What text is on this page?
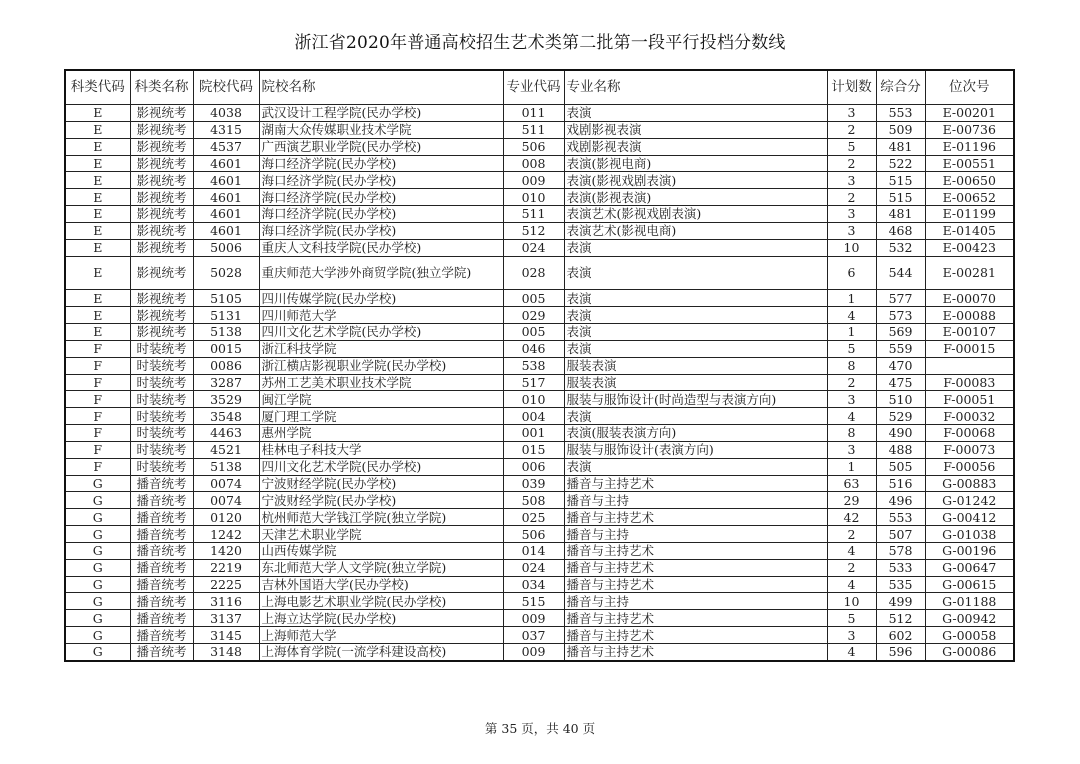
浙江省2020年普通高校招生艺术类第二批第一段平行投档分数线
科类代码	科类名称	院校代码	院校名称	专业代码	专业名称	计划数	综合分	位次号
E	影视统考	4038	武汉设计工程学院(民办学校)	011	表演	3	553	E-00201
E	影视统考	4315	湖南大众传媒职业技术学院	511	戏剧影视表演	2	509	E-00736
E	影视统考	4537	广西演艺职业学院(民办学校)	506	戏剧影视表演	5	481	E-01196
E	影视统考	4601	海口经济学院(民办学校)	008	表演(影视电商)	2	522	E-00551
E	影视统考	4601	海口经济学院(民办学校)	009	表演(影视戏剧表演)	3	515	E-00650
E	影视统考	4601	海口经济学院(民办学校)	010	表演(影视表演)	2	515	E-00652
E	影视统考	4601	海口经济学院(民办学校)	511	表演艺术(影视戏剧表演)	3	481	E-01199
E	影视统考	4601	海口经济学院(民办学校)	512	表演艺术(影视电商)	3	468	E-01405
E	影视统考	5006	重庆人文科技学院(民办学校)	024	表演	10	532	E-00423
E	影视统考	5028	重庆师范大学涉外商贸学院(独立学院)	028	表演	6	544	E-00281
E	影视统考	5105	四川传媒学院(民办学校)	005	表演	1	577	E-00070
E	影视统考	5131	四川师范大学	029	表演	4	573	E-00088
E	影视统考	5138	四川文化艺术学院(民办学校)	005	表演	1	569	E-00107
F	时装统考	0015	浙江科技学院	046	表演	5	559	F-00015
F	时装统考	0086	浙江横店影视职业学院(民办学校)	538	服装表演	8	470	
F	时装统考	3287	苏州工艺美术职业技术学院	517	服装表演	2	475	F-00083
F	时装统考	3529	闽江学院	010	服装与服饰设计(时尚造型与表演方向)	3	510	F-00051
F	时装统考	3548	厦门理工学院	004	表演	4	529	F-00032
F	时装统考	4463	惠州学院	001	表演(服装表演方向)	8	490	F-00068
F	时装统考	4521	桂林电子科技大学	015	服装与服饰设计(表演方向)	3	488	F-00073
F	时装统考	5138	四川文化艺术学院(民办学校)	006	表演	1	505	F-00056
G	播音统考	0074	宁波财经学院(民办学校)	039	播音与主持艺术	63	516	G-00883
G	播音统考	0074	宁波财经学院(民办学校)	508	播音与主持	29	496	G-01242
G	播音统考	0120	杭州师范大学钱江学院(独立学院)	025	播音与主持艺术	42	553	G-00412
G	播音统考	1242	天津艺术职业学院	506	播音与主持	2	507	G-01038
G	播音统考	1420	山西传媒学院	014	播音与主持艺术	4	578	G-00196
G	播音统考	2219	东北师范大学人文学院(独立学院)	024	播音与主持艺术	2	533	G-00647
G	播音统考	2225	吉林外国语大学(民办学校)	034	播音与主持艺术	4	535	G-00615
G	播音统考	3116	上海电影艺术职业学院(民办学校)	515	播音与主持	10	499	G-01188
G	播音统考	3137	上海立达学院(民办学校)	009	播音与主持艺术	5	512	G-00942
G	播音统考	3145	上海师范大学	037	播音与主持艺术	3	602	G-00058
G	播音统考	3148	上海体育学院(一流学科建设高校)	009	播音与主持艺术	4	596	G-00086
第 35 页，共 40 页
